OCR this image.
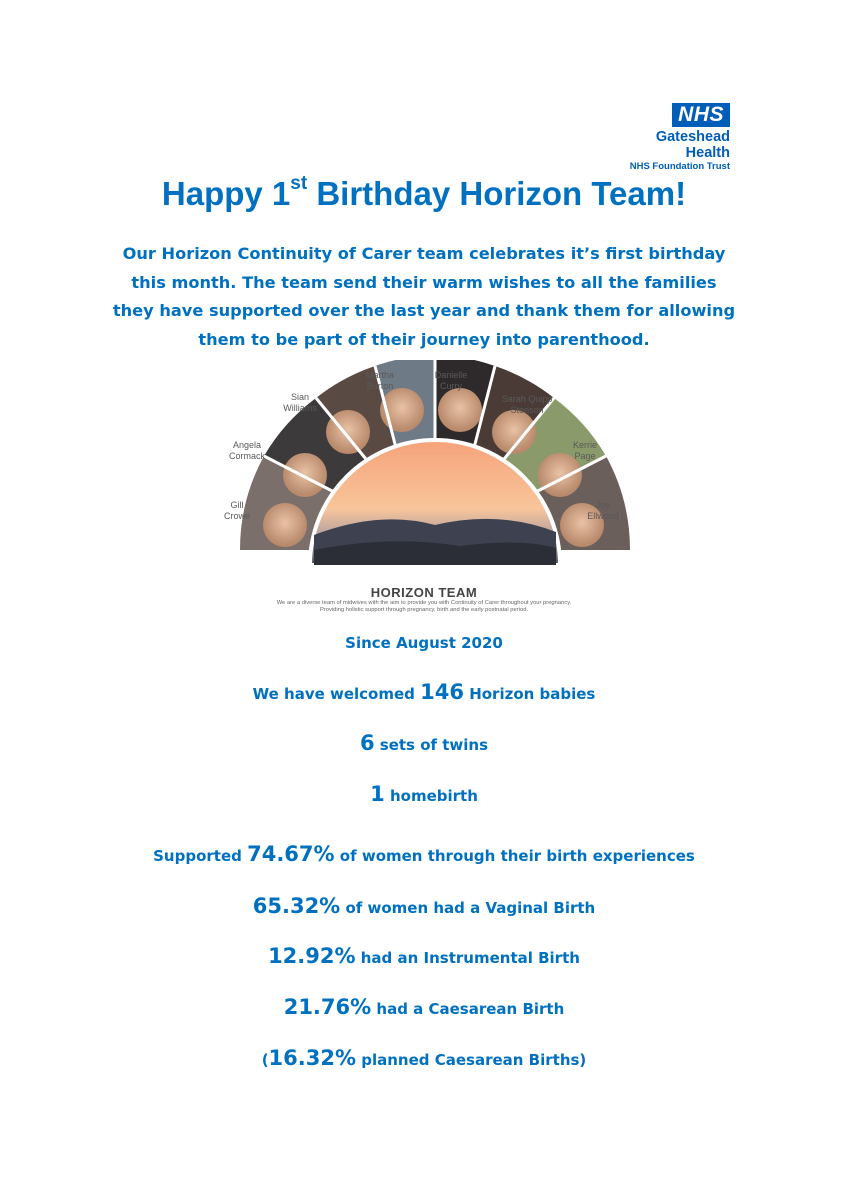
NHS
Gateshead Health
NHS Foundation Trust
Happy 1st Birthday Horizon Team!
Our Horizon Continuity of Carer team celebrates it’s first birthday
this month. The team send their warm wishes to all the families
they have supported over the last year and thank them for allowing
them to be part of their journey into parenthood.
Gill
Crowe
Angela
Cormack
Sian
Williams
Martha
Burton
Danielle
Curry
Sarah Quipp
Stenson
Kerrie
Page
Joy
Ellwood
HORIZON TEAM
We are a diverse team of midwives with the aim to provide you with Continuity of Carer throughout your pregnancy.
Providing holistic support through pregnancy, birth and the early postnatal period.
Since August 2020
We have welcomed 146 Horizon babies
6 sets of twins
1 homebirth
Supported 74.67% of women through their birth experiences
65.32% of women had a Vaginal Birth
12.92% had an Instrumental Birth
21.76% had a Caesarean Birth
(16.32% planned Caesarean Births)
